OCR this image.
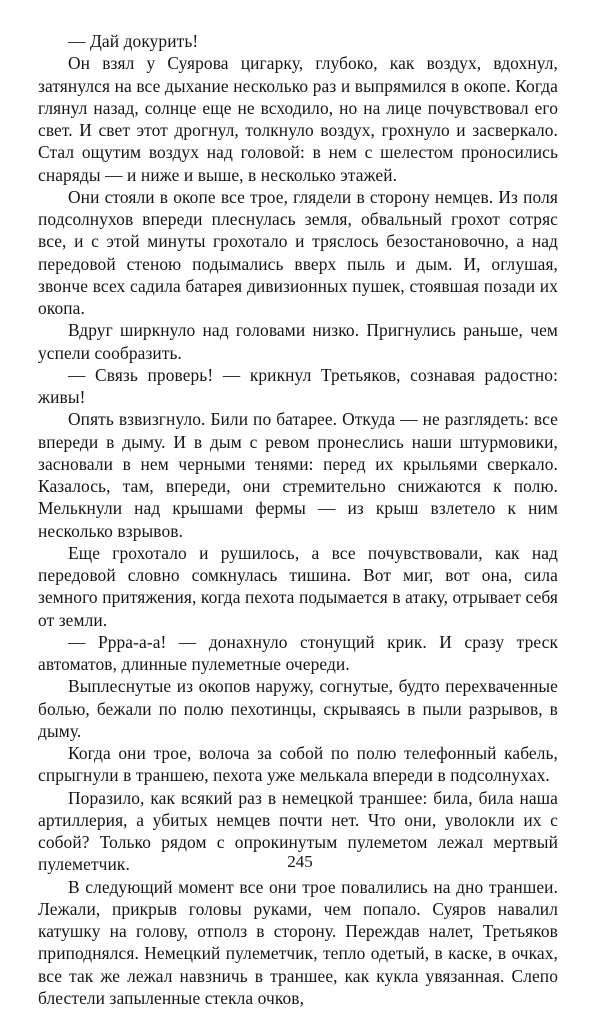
— Дай докурить!

Он взял у Суярова цигарку, глубоко, как воздух, вдохнул, затянулся на все дыхание несколько раз и выпрямился в окопе. Когда глянул назад, солнце еще не всходило, но на лице почувствовал его свет. И свет этот дрогнул, толкнуло воздух, грохнуло и засверкало. Стал ощутим воздух над головой: в нем с шелестом проносились снаряды — и ниже и выше, в несколько этажей.

Они стояли в окопе все трое, глядели в сторону немцев. Из поля подсолнухов впереди плеснулась земля, обвальный грохот сотряс все, и с этой минуты грохотало и тряслось безостановочно, а над передовой стеною подымались вверх пыль и дым. И, оглушая, звонче всех садила батарея дивизионных пушек, стоявшая позади их окопа.

Вдруг ширкнуло над головами низко. Пригнулись раньше, чем успели сообразить.

— Связь проверь! — крикнул Третьяков, сознавая радостно: живы!

Опять взвизгнуло. Били по батарее. Откуда — не разглядеть: все впереди в дыму. И в дым с ревом пронеслись наши штурмовики, засновали в нем черными тенями: перед их крыльями сверкало. Казалось, там, впереди, они стремительно снижаются к полю. Мелькнули над крышами фермы — из крыш взлетело к ним несколько взрывов.

Еще грохотало и рушилось, а все почувствовали, как над передовой словно сомкнулась тишина. Вот миг, вот она, сила земного притяжения, когда пехота подымается в атаку, отрывает себя от земли.

— Ррра-а-а! — донахнуло стонущий крик. И сразу треск автоматов, длинные пулеметные очереди.

Выплеснутые из окопов наружу, согнутые, будто перехваченные болью, бежали по полю пехотинцы, скрываясь в пыли разрывов, в дыму.

Когда они трое, волоча за собой по полю телефонный кабель, спрыгнули в траншею, пехота уже мелькала впереди в подсолнухах.

Поразило, как всякий раз в немецкой траншее: била, била наша артиллерия, а убитых немцев почти нет. Что они, уволокли их с собой? Только рядом с опрокинутым пулеметом лежал мертвый пулеметчик.

В следующий момент все они трое повалились на дно траншеи. Лежали, прикрыв головы руками, чем попало. Суяров навалил катушку на голову, отполз в сторону. Переждав налет, Третьяков приподнялся. Немецкий пулеметчик, тепло одетый, в каске, в очках, все так же лежал навзничь в траншее, как кукла увязанная. Слепо блестели запыленные стекла очков,

245
